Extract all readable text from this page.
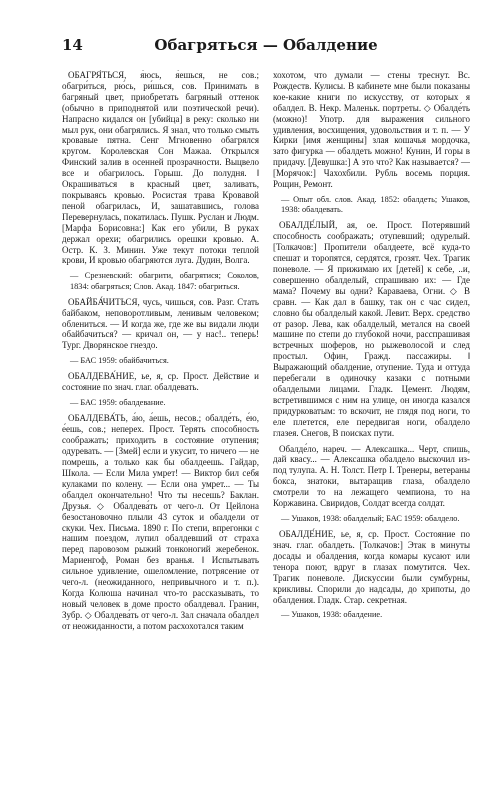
14	Обагряться — Обалдение

ОБАГРЯ́ТЬСЯ, я́юсь, я́ешься, не сов.; обагри́ться, рю́сь, ри́шься, сов. Принимать в багряный цвет, приобретать багряный оттенок (обычно в приподнятой или поэтической речи). Напрасно кидался он [убийца] в реку: сколько ни мыл рук, они обагрялись. Я знал, что только смыть кровавые пятна. Сенг Мгновенно обагрялся кругом. Королевская Сон Мажаа. Открылся Финский залив в осенней прозрачности. Выцвело все и обагрилось. Горыш. До полудня. ‖ Окрашиваться в красный цвет, заливать, покрываясь кровью. Росистая трава Кровавой пеной обагрилась, И, зашатавшись, голова Перевернулась, покатилась. Пушк. Руслан и Людм. [Марфа Борисовна:] Как его убили, В руках держал орехи; обагрились орешки кровью. А. Остр. К. З. Минин. Уже текут потоки теплой крови, И кровью обагряются луга. Дудин, Волга.

— Срезневский: обагрити, обагрятися; Соколов, 1834: обагряться; Слов. Акад. 1847: обагриться.

ОБАЙБА́ЧИТЬСЯ, чусь, чишься, сов. Разг. Стать байбаком, неповоротливым, ленивым человеком; облениться. — И когда же, где же вы видали люди обайбачиться? — кричал он, — у нас!.. теперь! Тург. Дворянское гнездо.

— БАС 1959: обайбачиться.

ОБАЛДЕВА́НИЕ, ье, я, ср. Прост. Действие и состояние по знач. глаг. обалдевать.

— БАС 1959: обалдевание.

ОБАЛДЕВА́ТЬ, а́ю, а́ешь, несов.; обалде́ть, е́ю, е́ешь, сов.; неперех. Прост. Терять способность соображать; приходить в состояние отупения; одуревать. — [Змей] если и укусит, то ничего — не помрешь, а только как бы обалдеешь. Гайдар, Школа. — Если Мила умрет! — Виктор бил себя кулаками по колену. — Если она умрет... — Ты обалдел окончательно! Что ты несешь? Баклан. Друзья. ◇ Обалдева́ть от чего-л. От Цейлона безостановочно плыли 43 суток и обалдели от скуки. Чех. Письма. 1890 г. По степи, впрегонки с нашим поездом, лупил обалдевший от страха перед паровозом рыжий тонконогий жеребенок. Мариенгоф, Роман без вранья. ‖ Испытывать сильное удивление, ошеломление, потрясение от чего-л. (неожиданного, непривычного и т. п.). Когда Колюша начинал что-то рассказывать, то новый человек в доме просто обалдевал. Гранин, Зубр. ◇ Обалдева́ть от чего-л. Зал сначала обалдел от неожиданности, а потом расхохотался таким

хохотом, что думали — стены треснут. Вс. Рождеств. Кулисы. В кабинете мне были показаны кое-какие книги по искусству, от которых я обалдел. В. Некр. Маленьк. портреты. ◇ Обалде́ть (можно)! Употр. для выражения сильного удивления, восхищения, удовольствия и т. п. — У Кирки [имя женщины] злая кошачья мордочка, зато фигурка — обалдеть можно! Кунин, И горы в придачу. [Девушка:] А это что? Как называется? — [Морячок:] Чахохбили. Рубль восемь порция. Рощин, Ремонт.

— Опыт обл. слов. Акад. 1852: обалдеть; Ушаков, 1938: обалдевать.

ОБАЛДЕ́ЛЫЙ, ая, ое. Прост. Потерявший способность соображать; отупевший; одурелый. [Толкачов:] Пропители обалдеете, всё куда-то спешат и торопятся, сердятся, грозят. Чех. Трагик поневоле. — Я прижимаю их [детей] к себе, ..и, совершенно обалделый, спрашиваю их: — Где мама? Почему вы одни? Караваева, Огни. ◇ В сравн. — Как дал в башку, так он с час сидел, словно бы обалделый какой. Левит. Верх. средство от разор. Лева, как обалделый, метался на своей машине по степи до глубокой ночи, расспрашивая встречных шоферов, но рыжеволосой и след простыл. Офин, Гражд. пассажиры. ‖ Выражающий обалдение, отупение. Туда и оттуда перебегали в одиночку казаки с потными обалделыми лицами. Гладк. Цемент. Людям, встретившимся с ним на улице, он иногда казался придурковатым: то вскочит, не глядя под ноги, то еле плетется, еле передвигая ноги, обалдело глазея. Снегов, В поисках пути.

Обалде́ло, нареч. — Алексашка... Черт, спишь, дай квасу... — Алексашка обалдело выскочил из-под тулупа. А. Н. Толст. Петр I. Тренеры, ветераны бокса, знатоки, вытаращив глаза, обалдело смотрели то на лежащего чемпиона, то на Коржавина. Свиридов, Солдат всегда солдат.

— Ушаков, 1938: обалделый; БАС 1959: обалдело.

ОБАЛДЕ́НИЕ, ье, я, ср. Прост. Состояние по знач. глаг. обалдеть. [Толкачов:] Этак в минуты досады и обалдения, когда комары кусают или тенора поют, вдруг в глазах помутится. Чех. Трагик поневоле. Дискуссии были сумбурны, крикливы. Спорили до надсады, до хрипоты, до обалдения. Гладк. Стар. секретная.

— Ушаков, 1938: обалдение.
